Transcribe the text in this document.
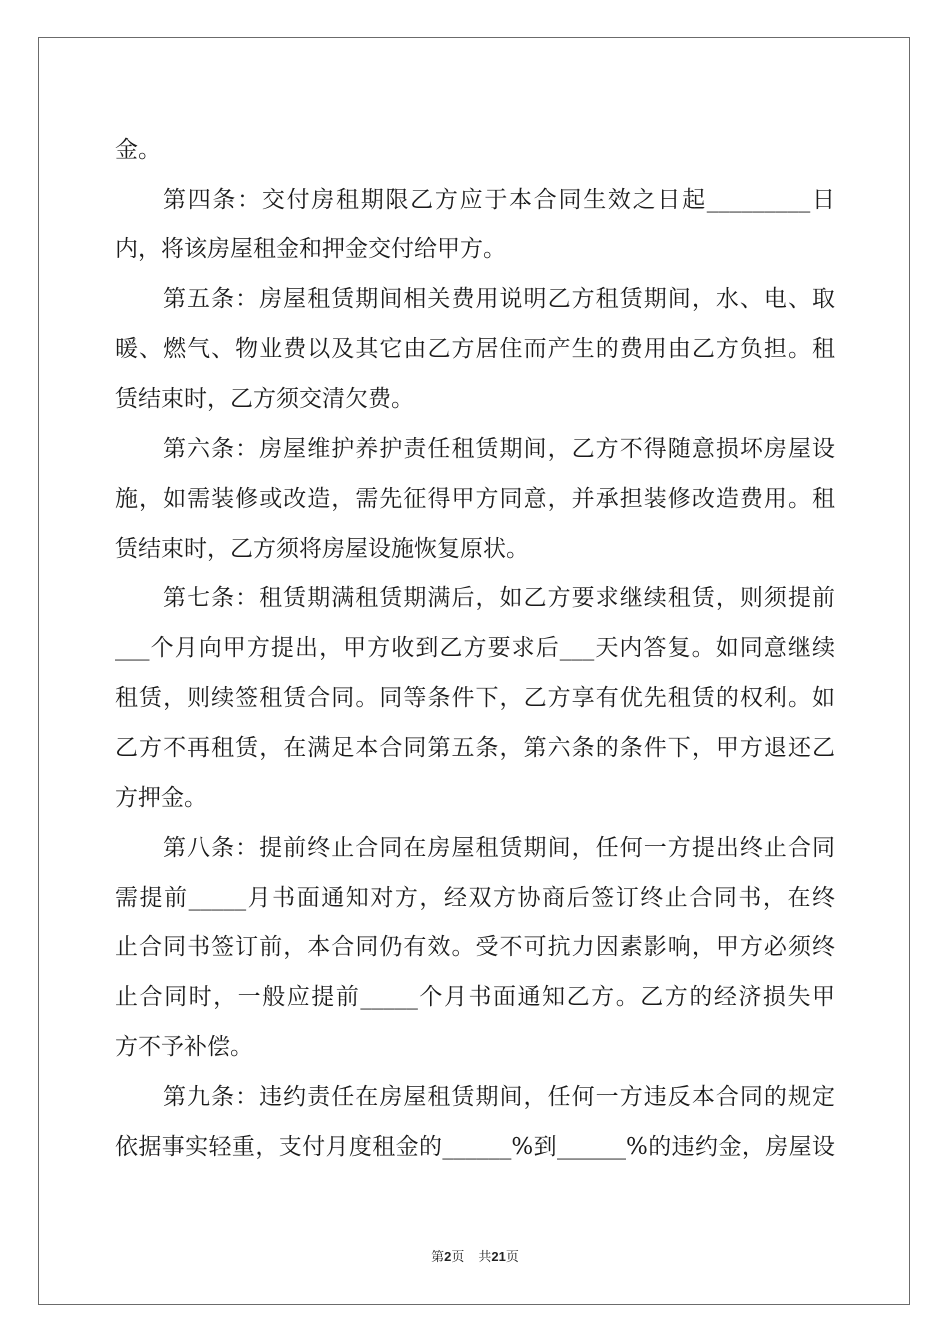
金。
第四条：交付房租期限乙方应于本合同生效之日起_________日
内，将该房屋租金和押金交付给甲方。
第五条：房屋租赁期间相关费用说明乙方租赁期间，水、电、取
暖、燃气、物业费以及其它由乙方居住而产生的费用由乙方负担。租
赁结束时，乙方须交清欠费。
第六条：房屋维护养护责任租赁期间，乙方不得随意损坏房屋设
施，如需装修或改造，需先征得甲方同意，并承担装修改造费用。租
赁结束时，乙方须将房屋设施恢复原状。
第七条：租赁期满租赁期满后，如乙方要求继续租赁，则须提前
___个月向甲方提出，甲方收到乙方要求后___天内答复。如同意继续
租赁，则续签租赁合同。同等条件下，乙方享有优先租赁的权利。如
乙方不再租赁，在满足本合同第五条，第六条的条件下，甲方退还乙
方押金。
第八条：提前终止合同在房屋租赁期间，任何一方提出终止合同
需提前_____月书面通知对方，经双方协商后签订终止合同书，在终
止合同书签订前，本合同仍有效。受不可抗力因素影响，甲方必须终
止合同时，一般应提前_____个月书面通知乙方。乙方的经济损失甲
方不予补偿。
第九条：违约责任在房屋租赁期间，任何一方违反本合同的规定
依据事实轻重，支付月度租金的______%到______%的违约金，房屋设
第2页 共21页
